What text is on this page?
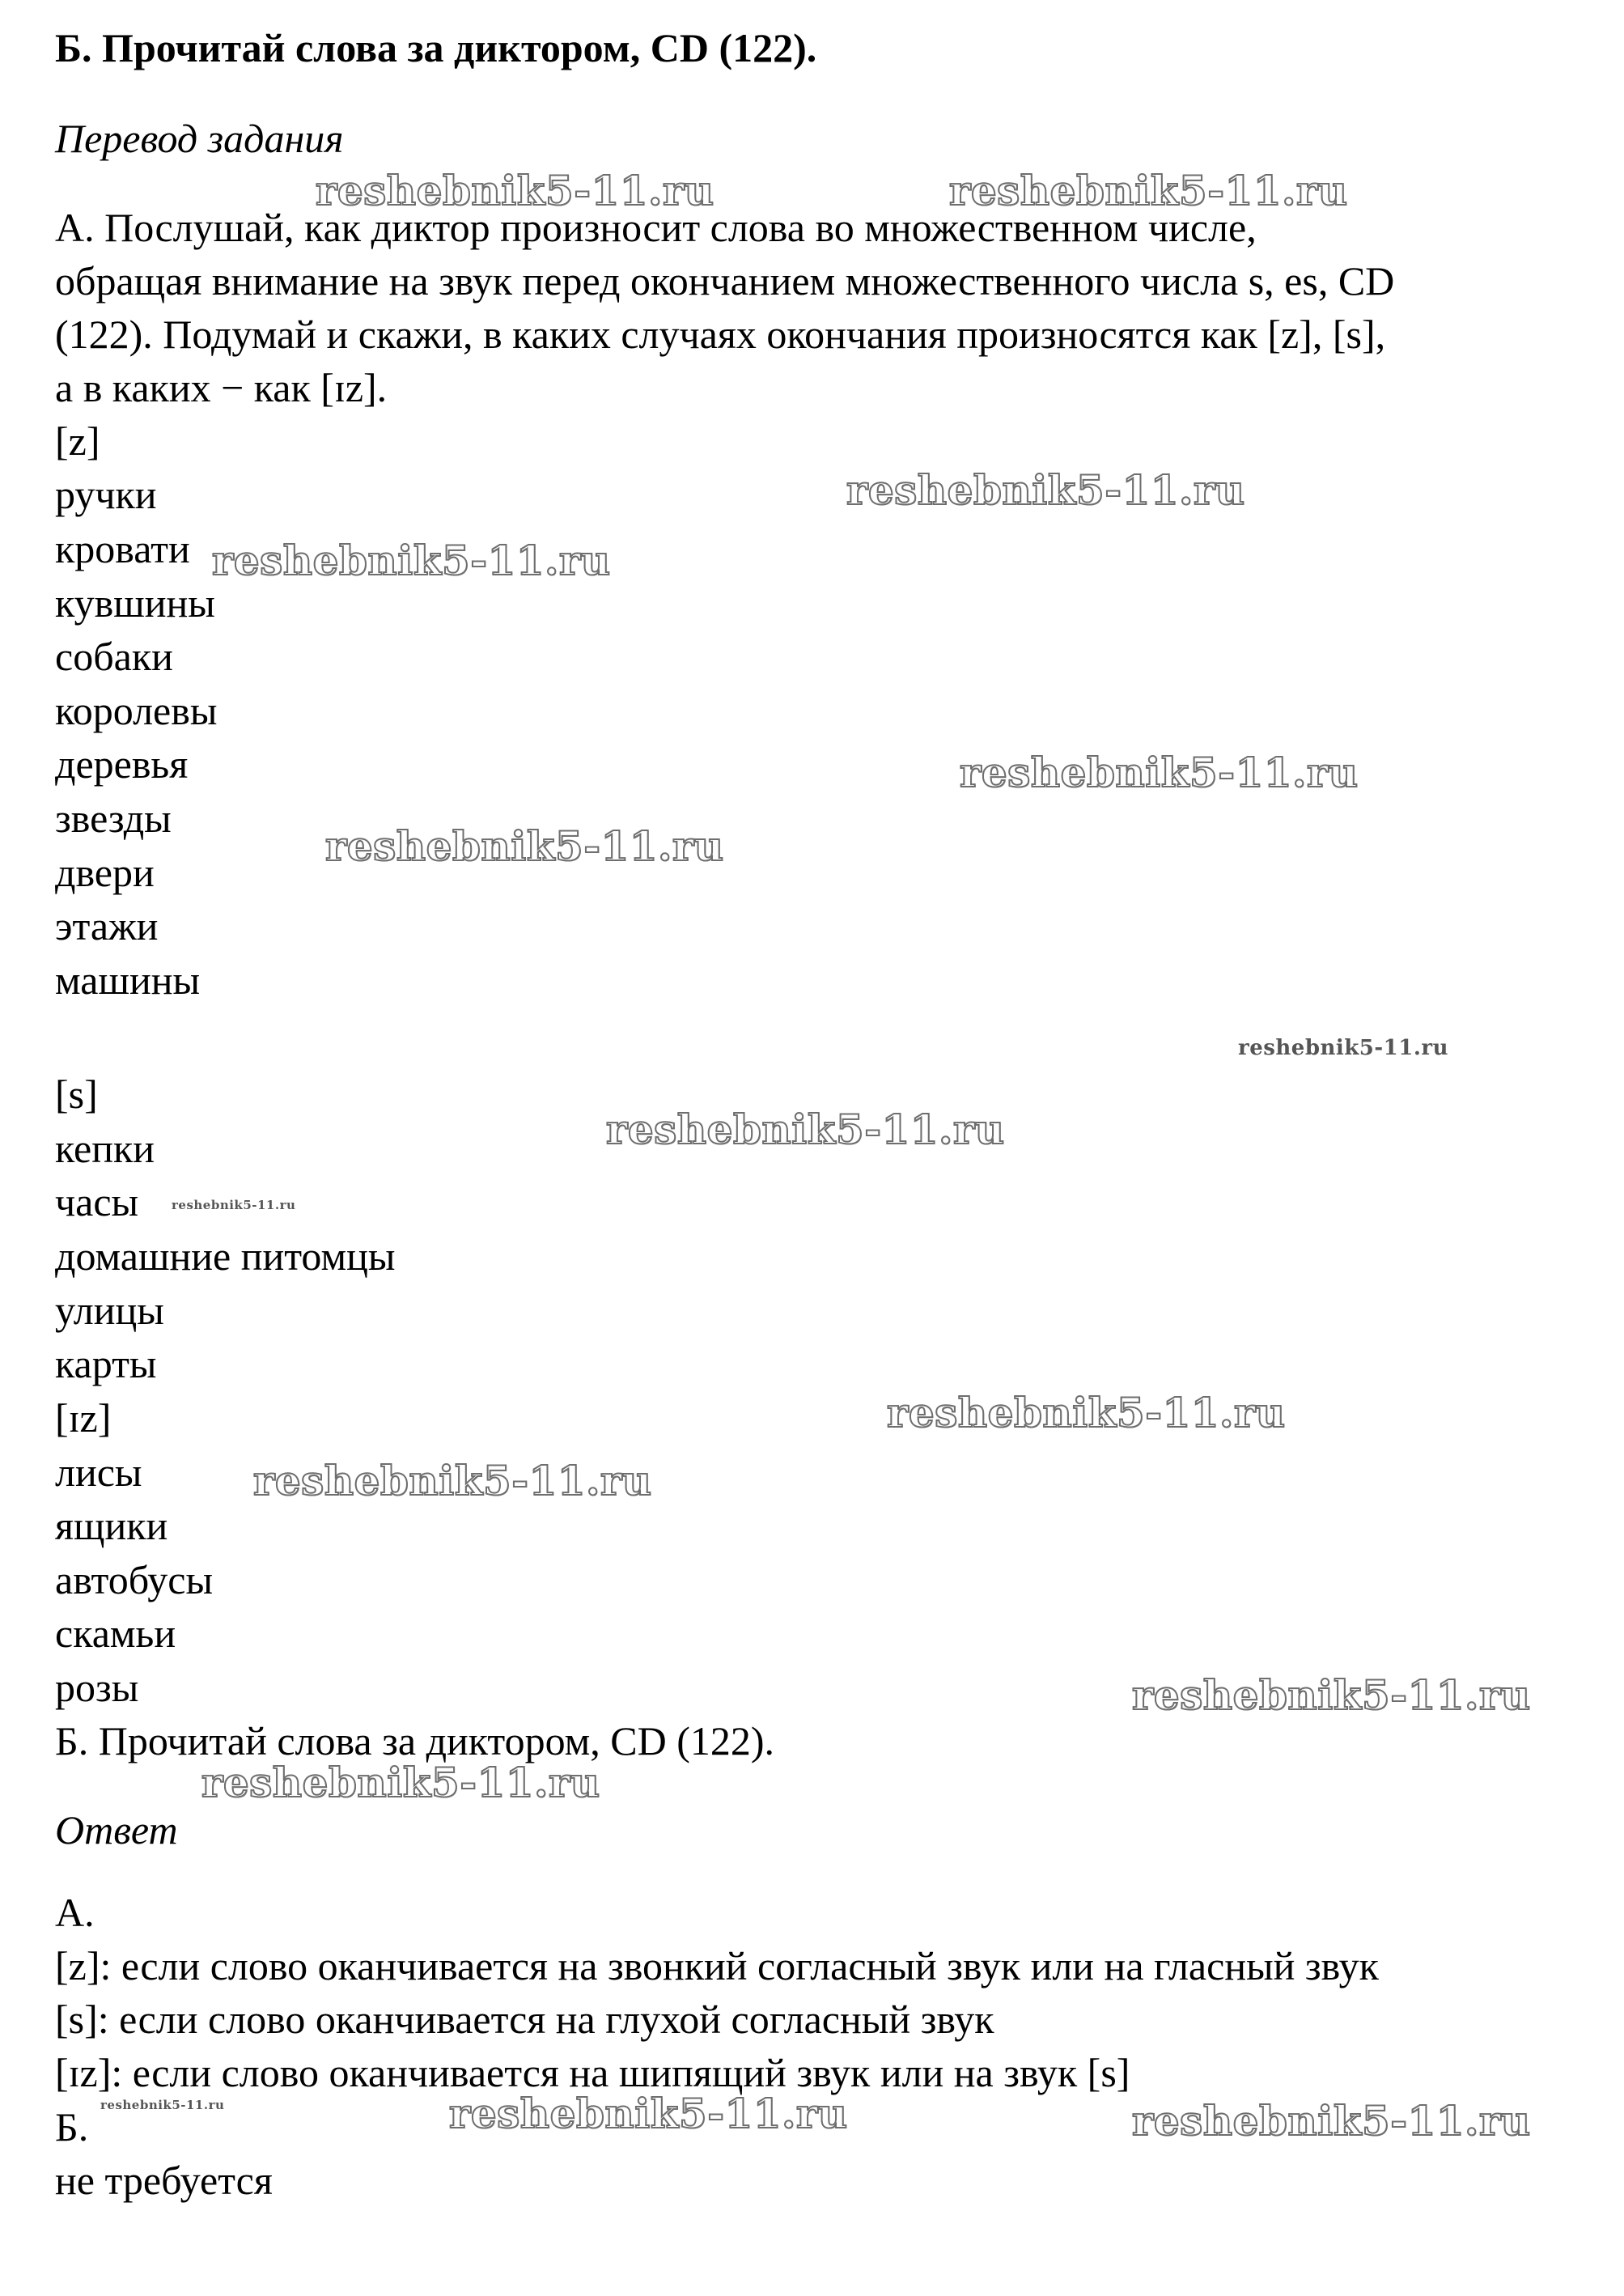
Б. Прочитай слова за диктором, CD (122).

Перевод задания

А. Послушай, как диктор произносит слова во множественном числе,

обращая внимание на звук перед окончанием множественного числа s, es, CD

(122). Подумай и скажи, в каких случаях окончания произносятся как [z], [s],

а в каких − как [ɪz].

[z]

ручки

кровати

кувшины

собаки

королевы

деревья

звезды

двери

этажи

машины

[s]

кепки

часы

домашние питомцы

улицы

карты

[ɪz]

лисы

ящики

автобусы

скамьи

розы

Б. Прочитай слова за диктором, CD (122).

Ответ

А.

[z]: если слово оканчивается на звонкий согласный звук или на гласный звук

[s]: если слово оканчивается на глухой согласный звук

[ɪz]: если слово оканчивается на шипящий звук или на звук [s]

Б.

не требуется

reshebnik5-11.ru	reshebnik5-11.ru
reshebnik5-11.ru
reshebnik5-11.ru
reshebnik5-11.ru
reshebnik5-11.ru
reshebnik5-11.ru
reshebnik5-11.ru
reshebnik5-11.ru
reshebnik5-11.ru
reshebnik5-11.ru
reshebnik5-11.ru
reshebnik5-11.ru
reshebnik5-11.ru	reshebnik5-11.ru	reshebnik5-11.ru
